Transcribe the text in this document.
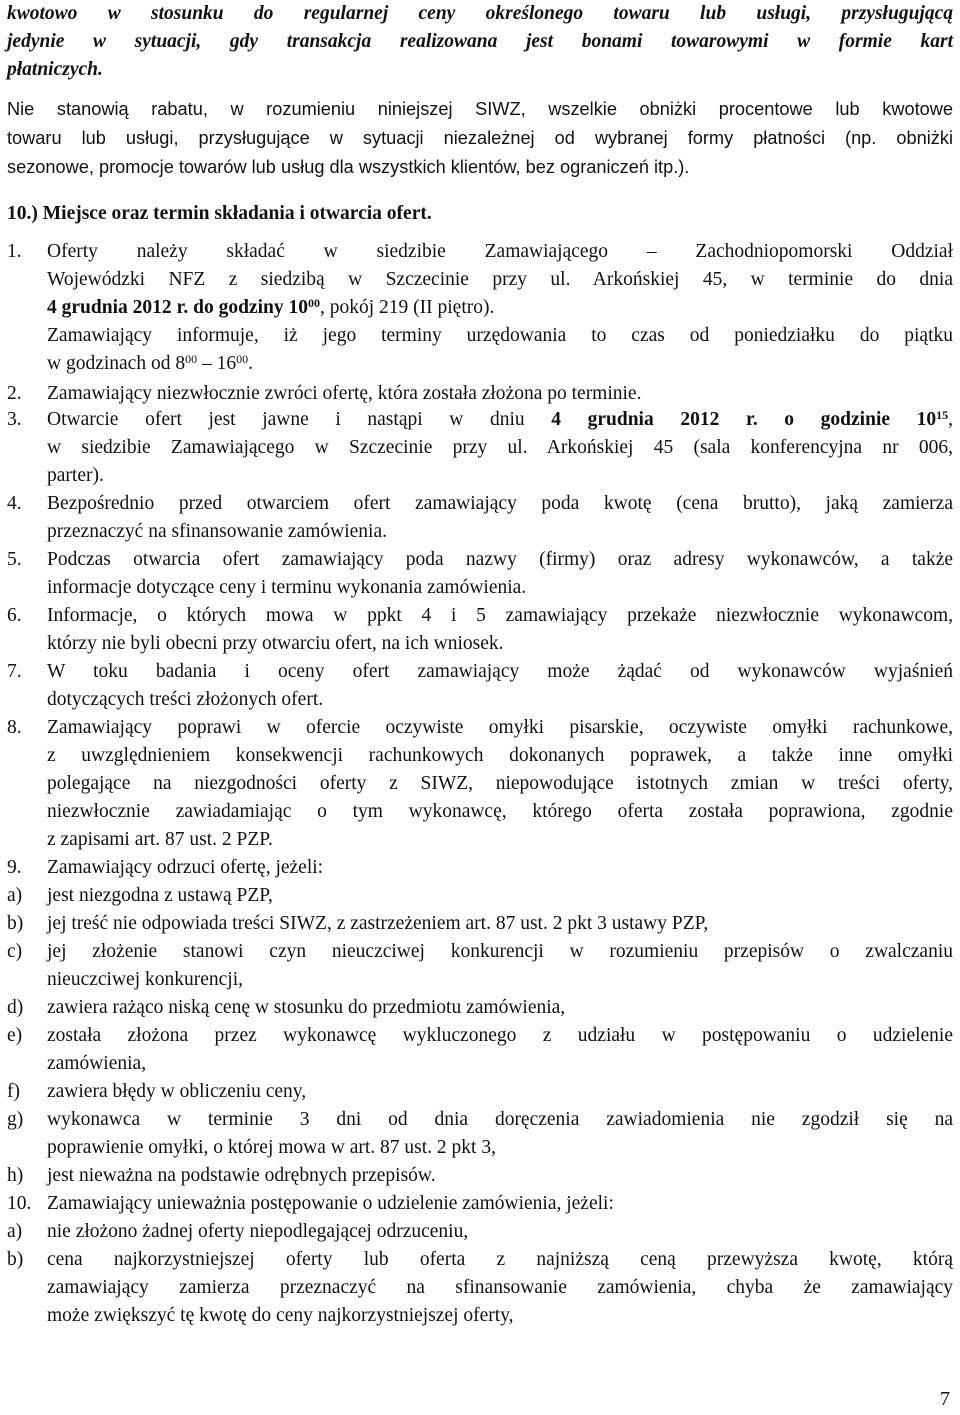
kwotowo w stosunku do regularnej ceny określonego towaru lub usługi, przysługującą
jedynie w sytuacji, gdy transakcja realizowana jest bonami towarowymi w formie kart
płatniczych.
Nie stanowią rabatu, w rozumieniu niniejszej SIWZ, wszelkie obniżki procentowe lub kwotowe
towaru lub usługi, przysługujące w sytuacji niezależnej od wybranej formy płatności (np. obniżki
sezonowe, promocje towarów lub usług dla wszystkich klientów, bez ograniczeń itp.).
10.) Miejsce oraz termin składania i otwarcia ofert.
1.	Oferty należy składać w siedzibie Zamawiającego – Zachodniopomorski Oddział
Wojewódzki NFZ z siedzibą w Szczecinie przy ul. Arkońskiej 45, w terminie do dnia
4 grudnia 2012 r. do godziny $10^{00}$, pokój 219 (II piętro).
Zamawiający informuje, iż jego terminy urzędowania to czas od poniedziałku do piątku
w godzinach od $8^{00} - 16^{00}$.
2.	Zamawiający niezwłocznie zwróci ofertę, która została złożona po terminie.
3.	Otwarcie ofert jest jawne i nastąpi w dniu 4 grudnia 2012 r. o godzinie $10^{15}$,
w siedzibie Zamawiającego w Szczecinie przy ul. Arkońskiej 45 (sala konferencyjna nr 006,
parter).
4.	Bezpośrednio przed otwarciem ofert zamawiający poda kwotę (cena brutto), jaką zamierza
przeznaczyć na sfinansowanie zamówienia.
5.	Podczas otwarcia ofert zamawiający poda nazwy (firmy) oraz adresy wykonawców, a także
informacje dotyczące ceny i terminu wykonania zamówienia.
6.	Informacje, o których mowa w ppkt 4 i 5 zamawiający przekaże niezwłocznie wykonawcom,
którzy nie byli obecni przy otwarciu ofert, na ich wniosek.
7.	W toku badania i oceny ofert zamawiający może żądać od wykonawców wyjaśnień
dotyczących treści złożonych ofert.
8.	Zamawiający poprawi w ofercie oczywiste omyłki pisarskie, oczywiste omyłki rachunkowe,
z uwzględnieniem konsekwencji rachunkowych dokonanych poprawek, a także inne omyłki
polegające na niezgodności oferty z SIWZ, niepowodujące istotnych zmian w treści oferty,
niezwłocznie zawiadamiając o tym wykonawcę, którego oferta została poprawiona, zgodnie
z zapisami art. 87 ust. 2 PZP.
9.	Zamawiający odrzuci ofertę, jeżeli:
a)	jest niezgodna z ustawą PZP,
b)	jej treść nie odpowiada treści SIWZ, z zastrzeżeniem art. 87 ust. 2 pkt 3 ustawy PZP,
c)	jej złożenie stanowi czyn nieuczciwej konkurencji w rozumieniu przepisów o zwalczaniu
nieuczciwej konkurencji,
d)	zawiera rażąco niską cenę w stosunku do przedmiotu zamówienia,
e)	została złożona przez wykonawcę wykluczonego z udziału w postępowaniu o udzielenie
zamówienia,
f)	zawiera błędy w obliczeniu ceny,
g)	wykonawca w terminie 3 dni od dnia doręczenia zawiadomienia nie zgodził się na
poprawienie omyłki, o której mowa w art. 87 ust. 2 pkt 3,
h)	jest nieważna na podstawie odrębnych przepisów.
10. Zamawiający unieważnia postępowanie o udzielenie zamówienia, jeżeli:
a)	nie złożono żadnej oferty niepodlegającej odrzuceniu,
b)	cena najkorzystniejszej oferty lub oferta z najniższą ceną przewyższa kwotę, którą
zamawiający zamierza przeznaczyć na sfinansowanie zamówienia, chyba że zamawiający
może zwiększyć tę kwotę do ceny najkorzystniejszej oferty,
7
